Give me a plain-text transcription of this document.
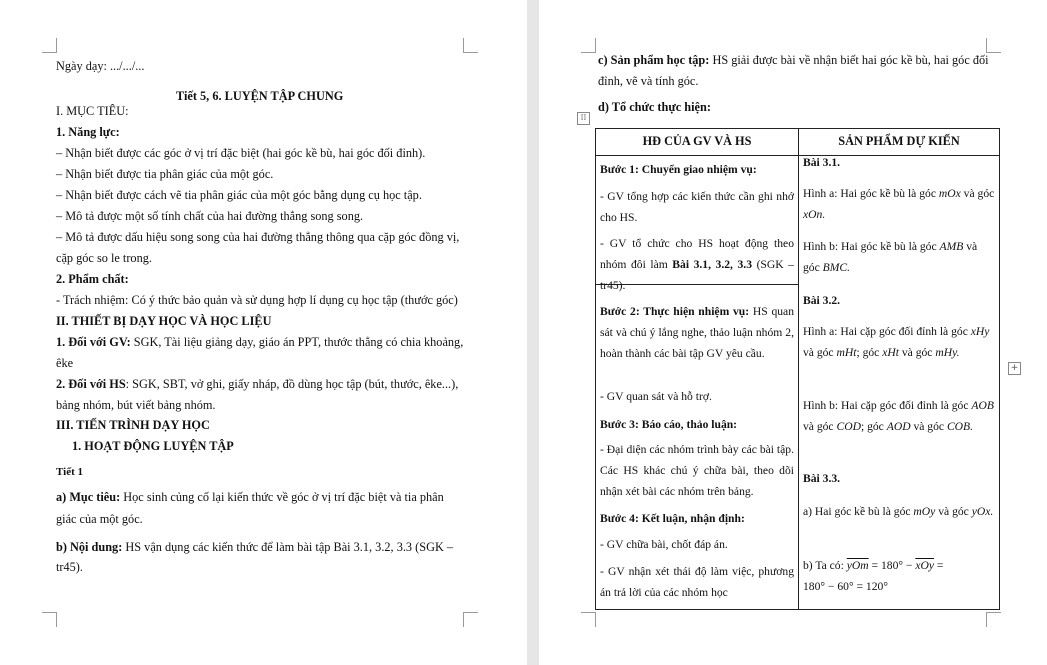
Ngày dạy: .../.../...
Tiết 5, 6. LUYỆN TẬP CHUNG
I. MỤC TIÊU:
1. Năng lực:
– Nhận biết được các góc ở vị trí đặc biệt (hai góc kề bù, hai góc đối đỉnh).
– Nhận biết được tia phân giác của một góc.
– Nhận biết được cách vẽ tia phân giác của một góc bằng dụng cụ học tập.
– Mô tả được một số tính chất của hai đường thẳng song song.
– Mô tả được dấu hiệu song song của hai đường thẳng thông qua cặp góc đồng vị,
cặp góc so le trong.
2. Phẩm chất:
- Trách nhiệm: Có ý thức bảo quản và sử dụng hợp lí dụng cụ học tập (thước góc)
II. THIẾT BỊ DẠY HỌC VÀ HỌC LIỆU
1. Đối với GV: SGK, Tài liệu giảng dạy, giáo án PPT, thước thẳng có chia khoảng,
êke
2. Đối với HS: SGK, SBT, vở ghi, giấy nháp, đồ dùng học tập (bút, thước, êke...),
bảng nhóm, bút viết bảng nhóm.
III. TIẾN TRÌNH DẠY HỌC
1. HOẠT ĐỘNG LUYỆN TẬP
Tiết 1
a) Mục tiêu: Học sinh củng cố lại kiến thức về góc ở vị trí đặc biệt và tia phân
giác của một góc.
b) Nội dung: HS vận dụng các kiến thức để làm bài tập Bài 3.1, 3.2, 3.3 (SGK –
tr45).
c) Sản phẩm học tập: HS giải được bài về nhận biết hai góc kề bù, hai góc đối
đỉnh, vẽ và tính góc.
d) Tổ chức thực hiện:
⁞⁞
+
HĐ CỦA GV VÀ HS	SẢN PHẨM DỰ KIẾN
Bước 1: Chuyển giao nhiệm vụ:
- GV tổng hợp các kiến thức cần ghi nhớ cho HS.
- GV tổ chức cho HS hoạt động theo nhóm đôi làm Bài 3.1, 3.2, 3.3 (SGK – tr45).
Bước 2: Thực hiện nhiệm vụ: HS quan sát và chú ý lắng nghe, thảo luận nhóm 2, hoàn thành các bài tập GV yêu cầu.
- GV quan sát và hỗ trợ.
Bước 3: Báo cáo, thảo luận:
- Đại diện các nhóm trình bày các bài tập. Các HS khác chú ý chữa bài, theo dõi nhận xét bài các nhóm trên bảng.
Bước 4: Kết luận, nhận định:
- GV chữa bài, chốt đáp án.
- GV nhận xét thái độ làm việc, phương án trả lời của các nhóm học
Bài 3.1.
Hình a: Hai góc kề bù là góc mOx và góc xOn.
Hình b: Hai góc kề bù là góc AMB và góc BMC.
Bài 3.2.
Hình a: Hai cặp góc đối đỉnh là góc xHy và góc mHt; góc xHt và góc mHy.
Hình b: Hai cặp góc đối đỉnh là góc AOB và góc COD; góc AOD và góc COB.
Bài 3.3.
a) Hai góc kề bù là góc mOy và góc yOx.
b) Ta có: $\overline{yOm} = 180^\circ - \overline{xOy}$ =
180° − 60° = 120°
